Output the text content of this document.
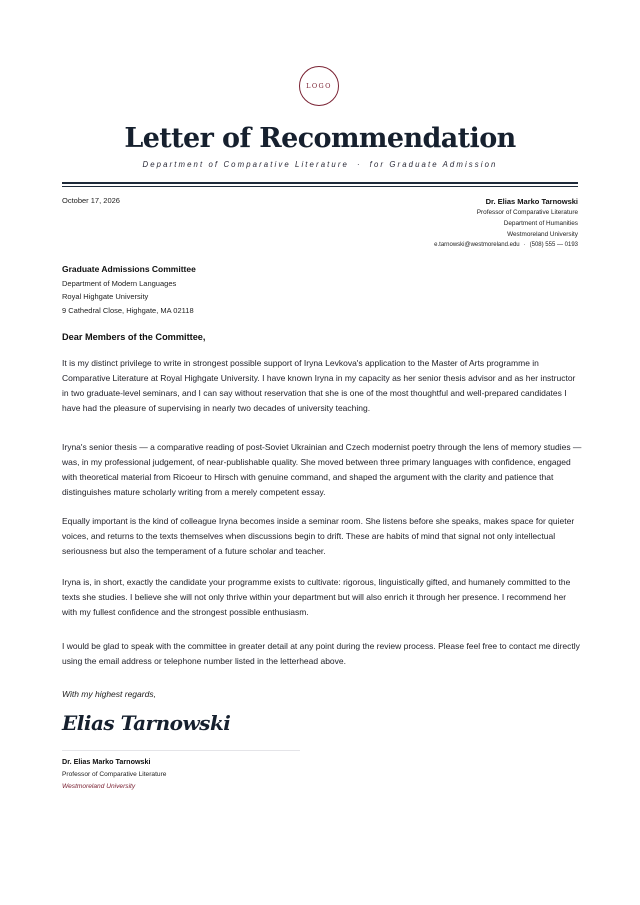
LOGO
Letter of Recommendation
Department of Comparative Literature · for Graduate Admission
October 17, 2026	Dr. Elias Marko Tarnowski
Professor of Comparative Literature
Department of Humanities
Westmoreland University
e.tarnowski@westmoreland.edu · (508) 555 — 0193
Graduate Admissions Committee
Department of Modern Languages
Royal Highgate University
9 Cathedral Close, Highgate, MA 02118
Dear Members of the Committee,

It is my distinct privilege to write in strongest possible support of Iryna Levkova's application to the Master of Arts programme in Comparative Literature at Royal Highgate University. I have known Iryna in my capacity as her senior thesis advisor and as her instructor in two graduate-level seminars, and I can say without reservation that she is one of the most thoughtful and well-prepared candidates I have had the pleasure of supervising in nearly two decades of university teaching.

Iryna's senior thesis — a comparative reading of post-Soviet Ukrainian and Czech modernist poetry through the lens of memory studies — was, in my professional judgement, of near-publishable quality. She moved between three primary languages with confidence, engaged with theoretical material from Ricoeur to Hirsch with genuine command, and shaped the argument with the clarity and patience that distinguishes mature scholarly writing from a merely competent essay.

Equally important is the kind of colleague Iryna becomes inside a seminar room. She listens before she speaks, makes space for quieter voices, and returns to the texts themselves when discussions begin to drift. These are habits of mind that signal not only intellectual seriousness but also the temperament of a future scholar and teacher.

Iryna is, in short, exactly the candidate your programme exists to cultivate: rigorous, linguistically gifted, and humanely committed to the texts she studies. I believe she will not only thrive within your department but will also enrich it through her presence. I recommend her with my fullest confidence and the strongest possible enthusiasm.

I would be glad to speak with the committee in greater detail at any point during the review process. Please feel free to contact me directly using the email address or telephone number listed in the letterhead above.

With my highest regards,
Elias Tarnowski
Dr. Elias Marko Tarnowski
Professor of Comparative Literature
Westmoreland University
